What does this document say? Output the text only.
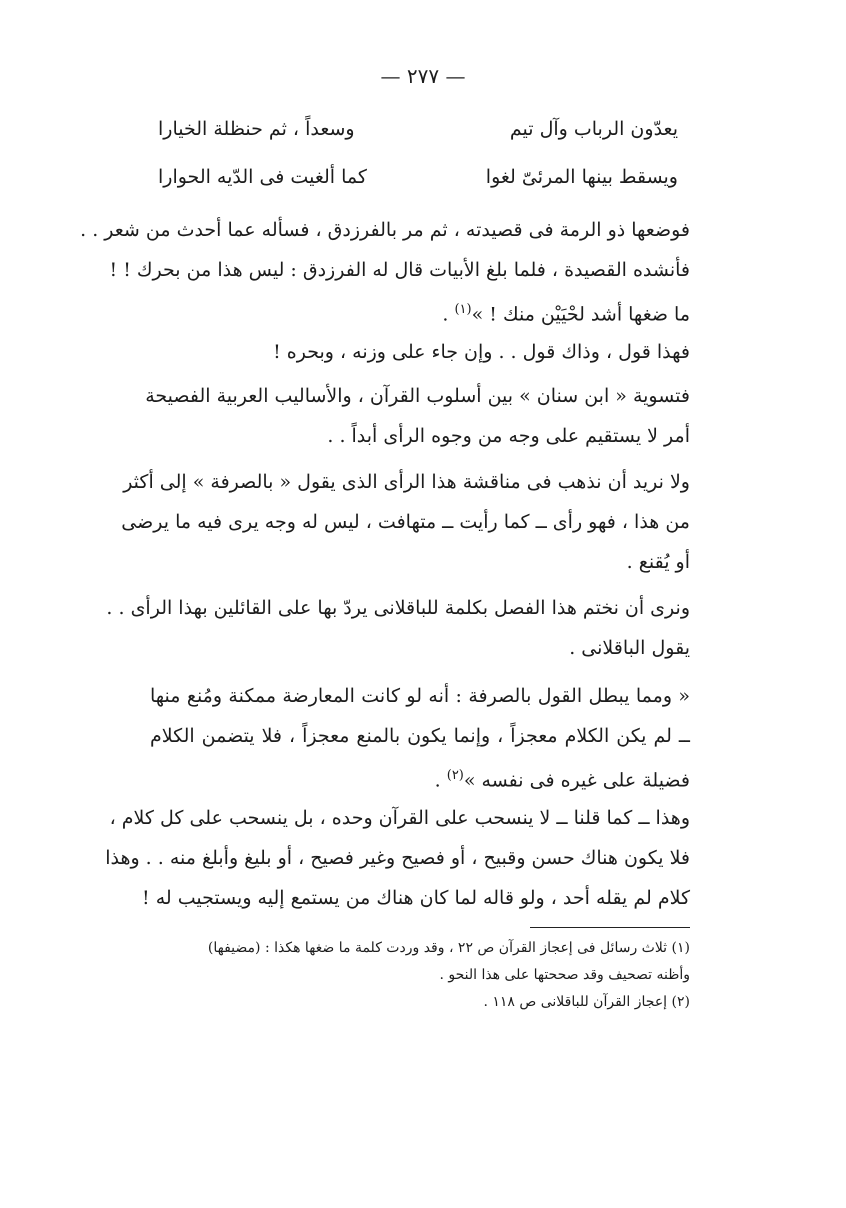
— ٢٧٧ —
يعدّون الرباب وآل تيم
وسعداً ، ثم حنظلة الخيارا
ويسقط بينها المرئىّ لغوا
كما ألغيت فى الدّيه الحوارا
فوضعها ذو الرمة فى قصيدته ، ثم مر بالفرزدق ، فسأله عما أحدث من شعر . .
فأنشده القصيدة ، فلما بلغ الأبيات قال له الفرزدق : ليس هذا من بحرك ! !
ما ضغها أشد لحْيَيْن منك ! »$^{(١)}$ .
فهذا قول ، وذاك قول . . وإن جاء على وزنه ، وبحره !
فتسوية « ابن سنان » بين أسلوب القرآن ، والأساليب العربية الفصيحة
أمر لا يستقيم على وجه من وجوه الرأى أبداً . .
ولا نريد أن نذهب فى مناقشة هذا الرأى الذى يقول « بالصرفة » إلى أكثر
من هذا ، فهو رأى ــ كما رأيت ــ متهافت ، ليس له وجه يرى فيه ما يرضى
أو يُقنع .
ونرى أن نختم هذا الفصل بكلمة للباقلانى يردّ بها على القائلين بهذا الرأى . .
يقول الباقلانى .
« ومما يبطل القول بالصرفة : أنه لو كانت المعارضة ممكنة ومُنع منها
ــ لم يكن الكلام معجزاً ، وإنما يكون بالمنع معجزاً ، فلا يتضمن الكلام
فضيلة على غيره فى نفسه »$^{(٢)}$ .
وهذا ــ كما قلنا ــ لا ينسحب على القرآن وحده ، بل ينسحب على كل كلام ،
فلا يكون هناك حسن وقبيح ، أو فصيح وغير فصيح ، أو بليغ وأبلغ منه . . وهذا
كلام لم يقله أحد ، ولو قاله لما كان هناك من يستمع إليه ويستجيب له !
(١) ثلاث رسائل فى إعجاز القرآن ص ٢٢ ، وقد وردت كلمة ما ضغها هكذا : (مضيفها)
وأظنه تصحيف وقد صححتها على هذا النحو .
(٢) إعجاز القرآن للباقلانى ص ١١٨ .
